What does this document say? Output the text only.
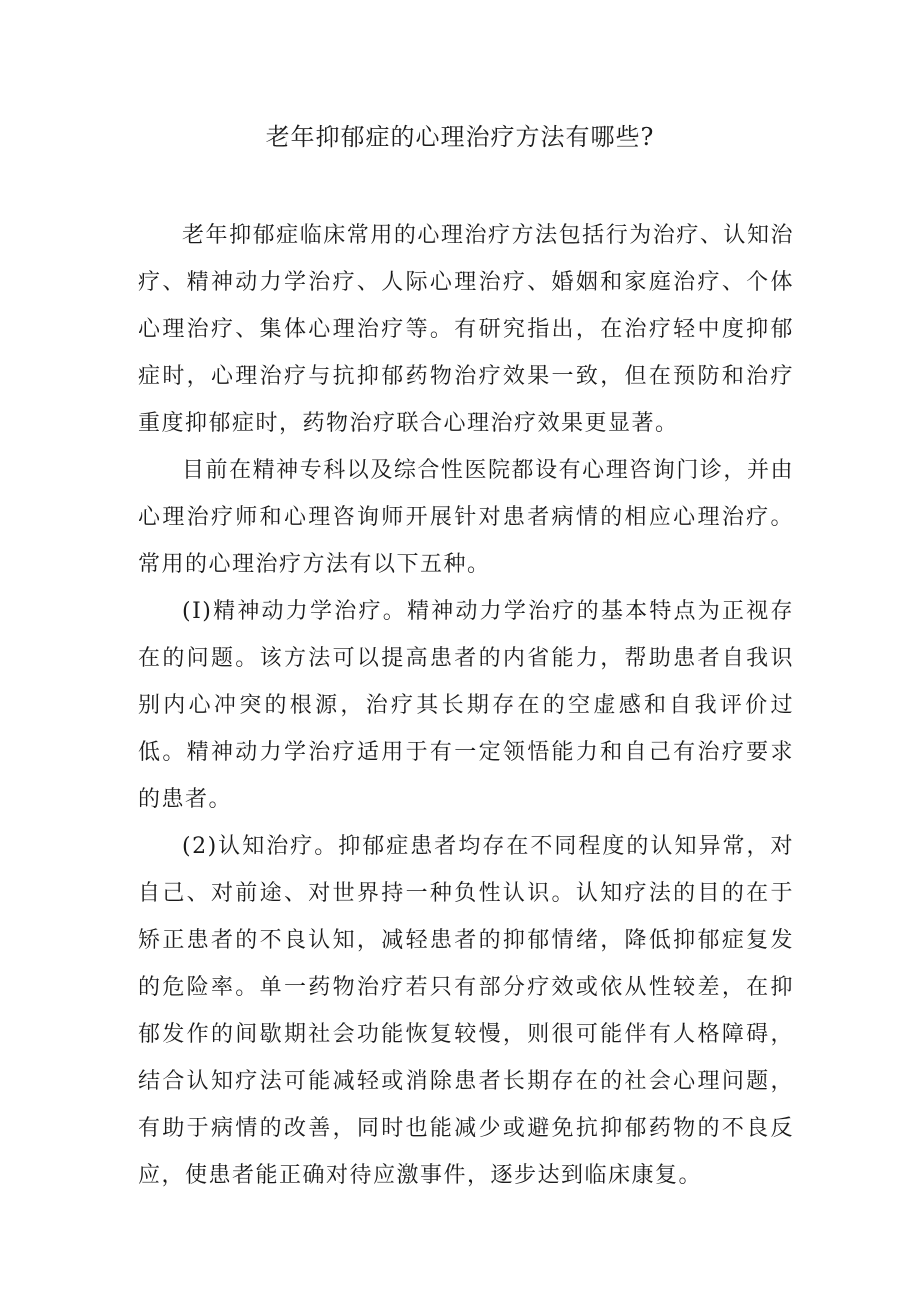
老年抑郁症的心理治疗方法有哪些?

老年抑郁症临床常用的心理治疗方法包括行为治疗、认知治疗、精神动力学治疗、人际心理治疗、婚姻和家庭治疗、个体心理治疗、集体心理治疗等。有研究指出，在治疗轻中度抑郁症时，心理治疗与抗抑郁药物治疗效果一致，但在预防和治疗重度抑郁症时，药物治疗联合心理治疗效果更显著。

目前在精神专科以及综合性医院都设有心理咨询门诊，并由心理治疗师和心理咨询师开展针对患者病情的相应心理治疗。常用的心理治疗方法有以下五种。

(I)精神动力学治疗。精神动力学治疗的基本特点为正视存在的问题。该方法可以提高患者的内省能力，帮助患者自我识别内心冲突的根源，治疗其长期存在的空虚感和自我评价过低。精神动力学治疗适用于有一定领悟能力和自己有治疗要求的患者。

(2)认知治疗。抑郁症患者均存在不同程度的认知异常，对自己、对前途、对世界持一种负性认识。认知疗法的目的在于矫正患者的不良认知，减轻患者的抑郁情绪，降低抑郁症复发的危险率。单一药物治疗若只有部分疗效或依从性较差，在抑郁发作的间歇期社会功能恢复较慢，则很可能伴有人格障碍，结合认知疗法可能减轻或消除患者长期存在的社会心理问题，有助于病情的改善，同时也能减少或避免抗抑郁药物的不良反应，使患者能正确对待应激事件，逐步达到临床康复。
